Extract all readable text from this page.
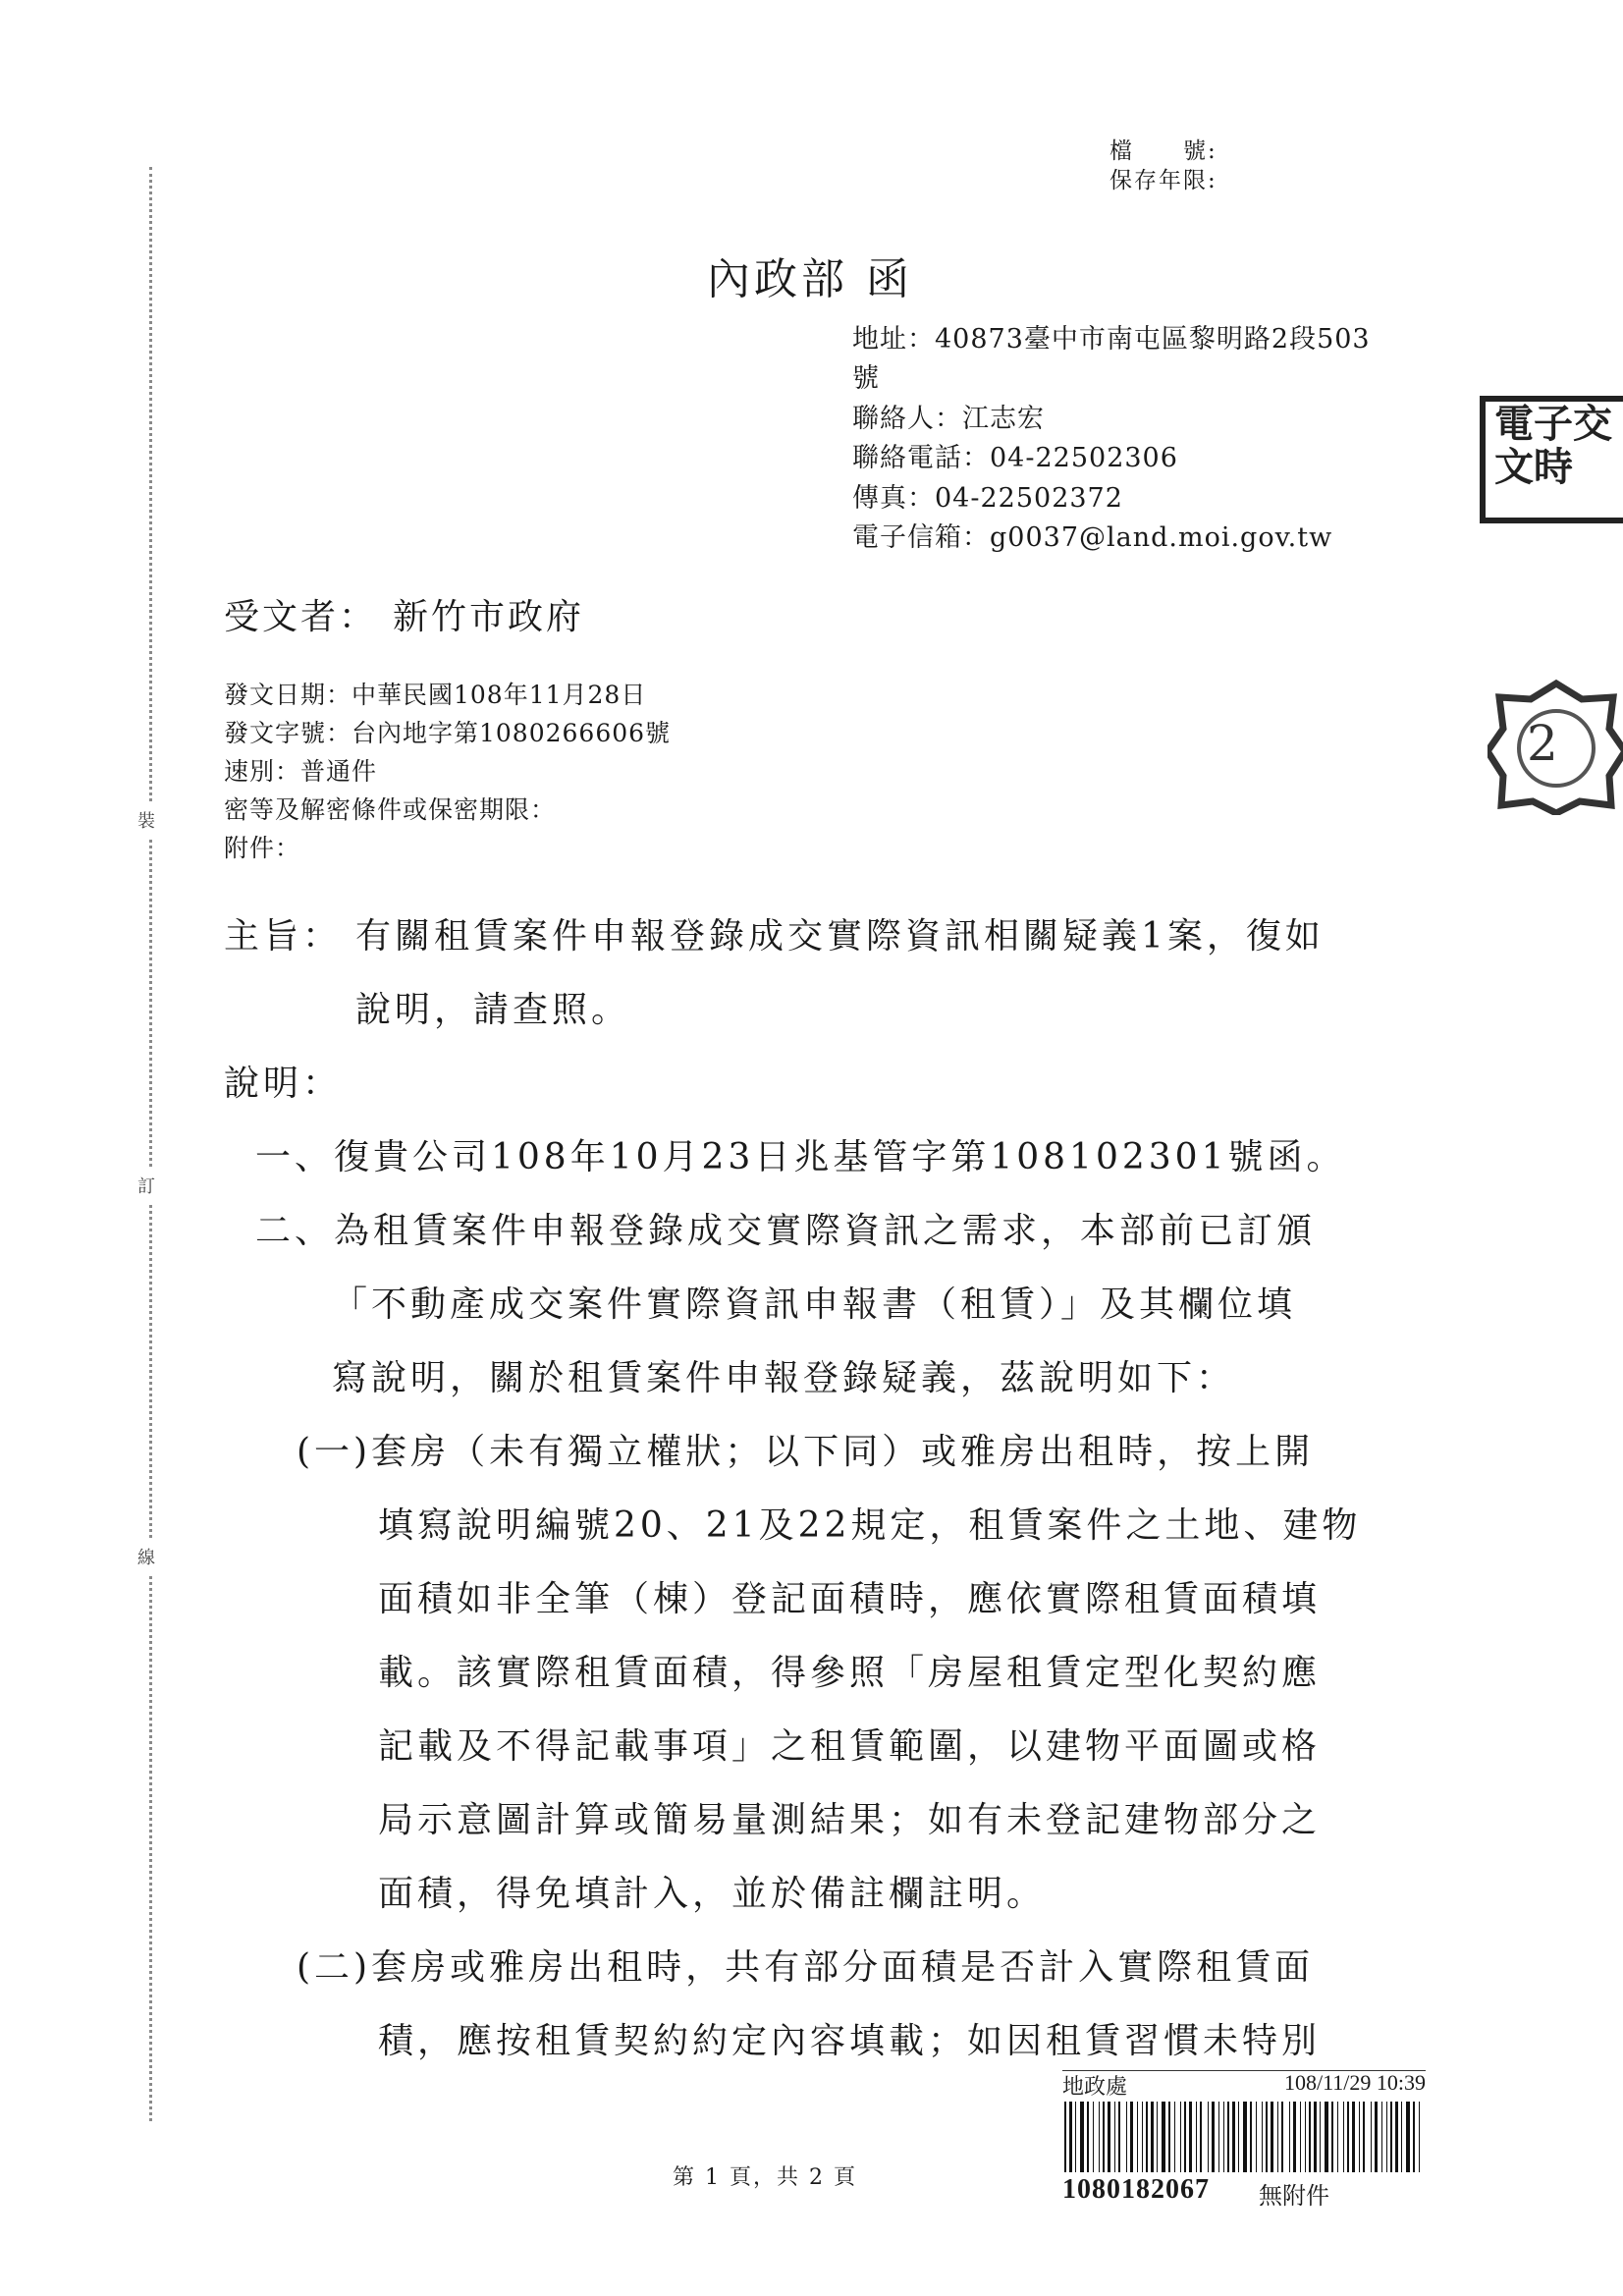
裝
訂
線
檔　　號:
保存年限:
內政部 函
地址：40873臺中市南屯區黎明路2段503
號
聯絡人：江志宏
聯絡電話：04-22502306
傳真：04-22502372
電子信箱：g0037@land.moi.gov.tw
受文者： 新竹市政府
發文日期：中華民國108年11月28日
發文字號：台內地字第1080266606號
速別：普通件
密等及解密條件或保密期限：
附件：
主旨： 有關租賃案件申報登錄成交實際資訊相關疑義1案，復如
說明，請查照。
說明：
一、復貴公司108年10月23日兆基管字第108102301號函。
二、為租賃案件申報登錄成交實際資訊之需求，本部前已訂頒
「不動產成交案件實際資訊申報書（租賃）」及其欄位填
寫說明，關於租賃案件申報登錄疑義，茲說明如下：
(一)套房（未有獨立權狀；以下同）或雅房出租時，按上開
填寫說明編號20、21及22規定，租賃案件之土地、建物
面積如非全筆（棟）登記面積時，應依實際租賃面積填
載。該實際租賃面積，得參照「房屋租賃定型化契約應
記載及不得記載事項」之租賃範圍，以建物平面圖或格
局示意圖計算或簡易量測結果；如有未登記建物部分之
面積，得免填計入，並於備註欄註明。
(二)套房或雅房出租時，共有部分面積是否計入實際租賃面
積，應按租賃契約約定內容填載；如因租賃習慣未特別
第 1 頁，共 2 頁
地政處	108/11/29 10:39
1080182067 無附件
電子交文時
2
